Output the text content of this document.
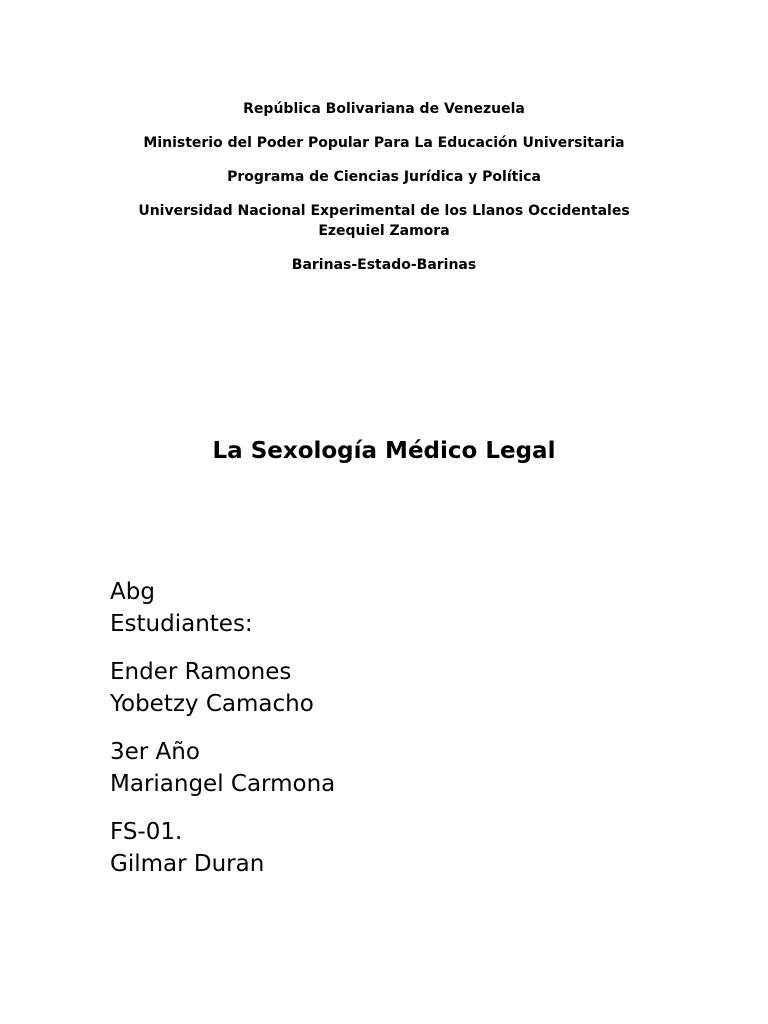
República Bolivariana de Venezuela
Ministerio del Poder Popular Para La Educación Universitaria
Programa de Ciencias Jurídica y Política
Universidad Nacional Experimental de los Llanos Occidentales
Ezequiel Zamora
Barinas-Estado-Barinas
La Sexología Médico Legal
Abg
Estudiantes:
Ender Ramones
Yobetzy Camacho
3er Año
Mariangel Carmona
FS-01.
Gilmar Duran
